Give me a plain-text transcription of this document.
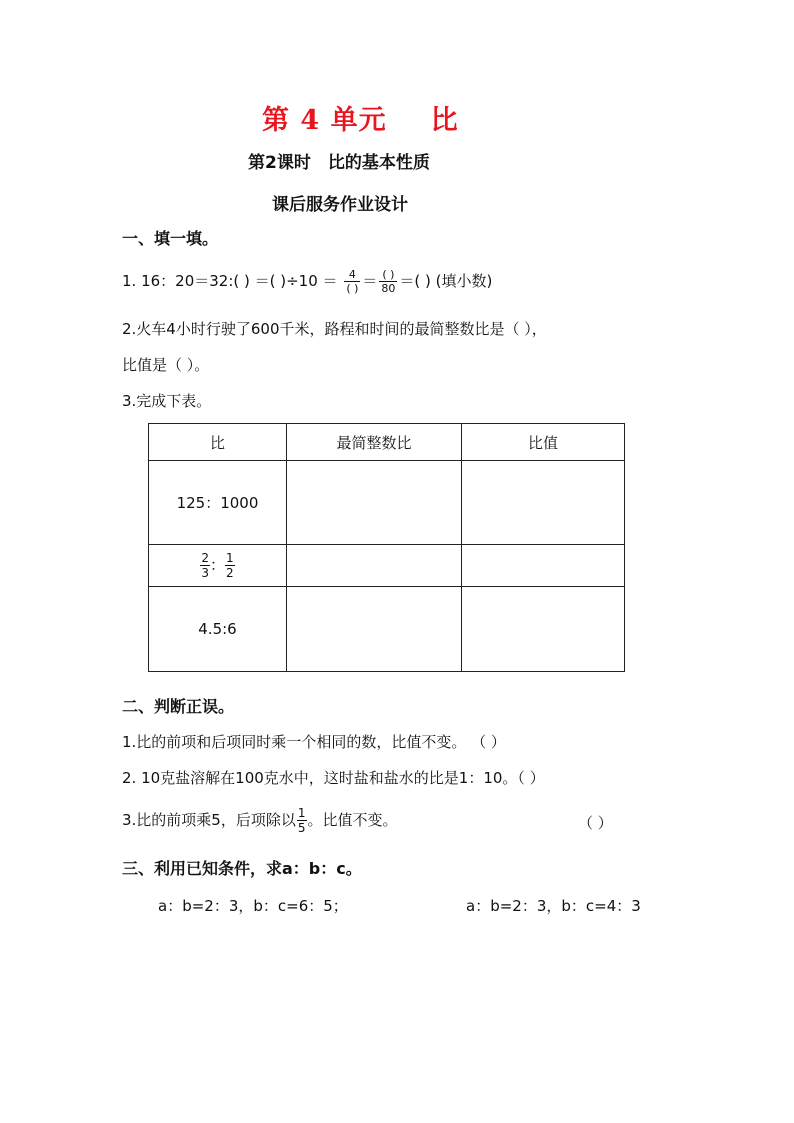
第 4 单元 比
第2课时　比的基本性质
课后服务作业设计
一、填一填。
1. 16：20＝32:( ) ＝( )$\div 10 = \frac{4}{( )} = \frac{( )}{80}$ ＝( ) (填小数)
2.火车4小时行驶了600千米，路程和时间的最简整数比是（ ），
比值是（ ）。
3.完成下表。
比	最简整数比	比值
125：1000		

$\frac{2}{3}$ ： $\frac{1}{2}$

4.5:6		
二、判断正误。
1.比的前项和后项同时乘一个相同的数，比值不变。 （ ）
2. 10克盐溶解在100克水中，这时盐和盐水的比是1：10。（ ）
3.比的前项乘5，后项除以 $\frac{1}{5}$ 。比值不变。	（ ）
三、利用已知条件，求a：b：c。
a：b=2：3，b：c=6：5；	a：b=2：3，b：c=4：3
